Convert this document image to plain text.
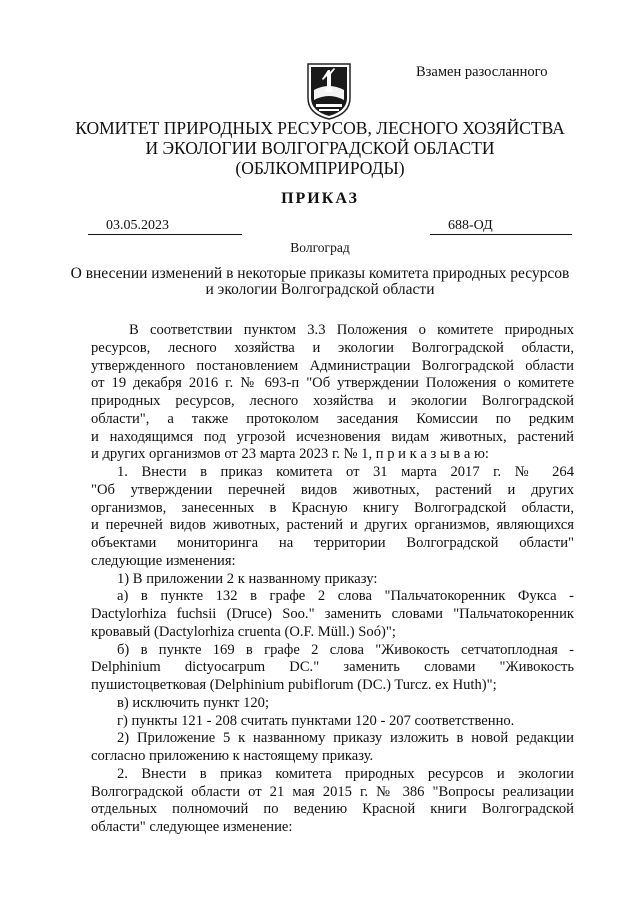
Взамен разосланного
КОМИТЕТ ПРИРОДНЫХ РЕСУРСОВ, ЛЕСНОГО ХОЗЯЙСТВА
И ЭКОЛОГИИ ВОЛГОГРАДСКОЙ ОБЛАСТИ
(ОБЛКОМПРИРОДЫ)
ПРИКАЗ
03.05.2023	688-ОД
Волгоград
О внесении изменений в некоторые приказы комитета природных ресурсов
и экологии Волгоградской области

В соответствии пунктом 3.3 Положения о комитете природных

ресурсов, лесного хозяйства и экологии Волгоградской области,

утвержденного постановлением Администрации Волгоградской области

от 19 декабря 2016 г. № 693-п "Об утверждении Положения о комитете

природных ресурсов, лесного хозяйства и экологии Волгоградской

области", а также протоколом заседания Комиссии по редким

и находящимся под угрозой исчезновения видам животных, растений

и других организмов от 23 марта 2023 г. № 1, п р и к а з ы в а ю:

1. Внести в приказ комитета от 31 марта 2017 г. № 264

"Об утверждении перечней видов животных, растений и других

организмов, занесенных в Красную книгу Волгоградской области,

и перечней видов животных, растений и других организмов, являющихся

объектами мониторинга на территории Волгоградской области"

следующие изменения:

1) В приложении 2 к названному приказу:

а) в пункте 132 в графе 2 слова "Пальчатокоренник Фукса -

Dactylorhiza fuchsii (Druce) Soo." заменить словами "Пальчатокоренник

кровавый (Dactylorhiza cruenta (O.F. Müll.) Soó)";

б) в пункте 169 в графе 2 слова "Живокость сетчатоплодная -

Delphinium dictyocarpum DC." заменить словами "Живокость

пушистоцветковая (Delphinium pubiflorum (DC.) Turcz. ex Huth)";

в) исключить пункт 120;

г) пункты 121 - 208 считать пунктами 120 - 207 соответственно.

2) Приложение 5 к названному приказу изложить в новой редакции

согласно приложению к настоящему приказу.

2. Внести в приказ комитета природных ресурсов и экологии

Волгоградской области от 21 мая 2015 г. № 386 "Вопросы реализации

отдельных полномочий по ведению Красной книги Волгоградской

области" следующее изменение:
